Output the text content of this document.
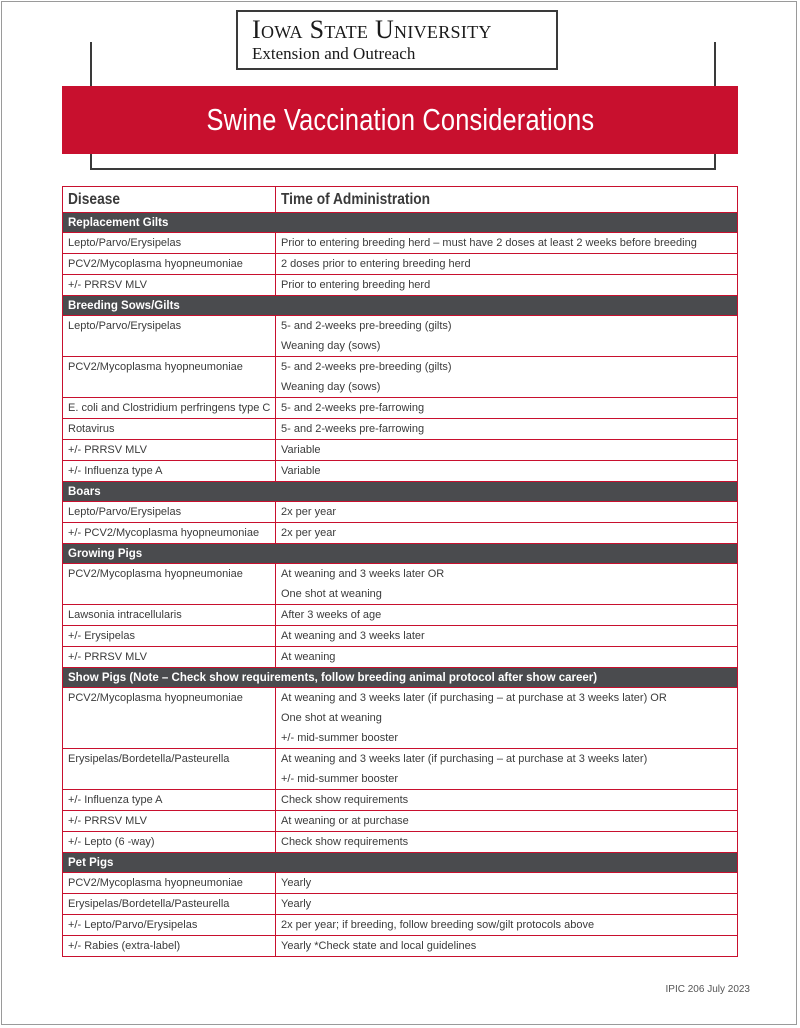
Iowa State University
Extension and Outreach
Swine Vaccination Considerations
Disease	Time of Administration
Replacement Gilts	

Lepto/Parvo/Erysipelas	Prior to entering breeding herd – must have 2 doses at least 2 weeks before breeding

PCV2/Mycoplasma hyopneumoniae	2 doses prior to entering breeding herd

+/- PRRSV MLV	Prior to entering breeding herd

Breeding Sows/Gilts	

Lepto/Parvo/Erysipelas	5- and 2-weeks pre-breeding (gilts)
Weaning day (sows)

PCV2/Mycoplasma hyopneumoniae	5- and 2-weeks pre-breeding (gilts)
Weaning day (sows)

E. coli and Clostridium perfringens type C	5- and 2-weeks pre-farrowing

Rotavirus	5- and 2-weeks pre-farrowing

+/- PRRSV MLV	Variable

+/- Influenza type A	Variable

Boars	

Lepto/Parvo/Erysipelas	2x per year

+/- PCV2/Mycoplasma hyopneumoniae	2x per year

Growing Pigs	

PCV2/Mycoplasma hyopneumoniae	At weaning and 3 weeks later OR
One shot at weaning

Lawsonia intracellularis	After 3 weeks of age

+/- Erysipelas	At weaning and 3 weeks later

+/- PRRSV MLV	At weaning

Show Pigs (Note – Check show requirements, follow breeding animal protocol after show career)	

PCV2/Mycoplasma hyopneumoniae	At weaning and 3 weeks later (if purchasing – at purchase at 3 weeks later) OR
One shot at weaning
+/- mid-summer booster

Erysipelas/Bordetella/Pasteurella	At weaning and 3 weeks later (if purchasing – at purchase at 3 weeks later)
+/- mid-summer booster

+/- Influenza type A	Check show requirements

+/- PRRSV MLV	At weaning or at purchase

+/- Lepto (6 -way)	Check show requirements

Pet Pigs	

PCV2/Mycoplasma hyopneumoniae	Yearly

Erysipelas/Bordetella/Pasteurella	Yearly

+/- Lepto/Parvo/Erysipelas	2x per year; if breeding, follow breeding sow/gilt protocols above

+/- Rabies (extra-label)	Yearly *Check state and local guidelines
IPIC 206 July 2023
